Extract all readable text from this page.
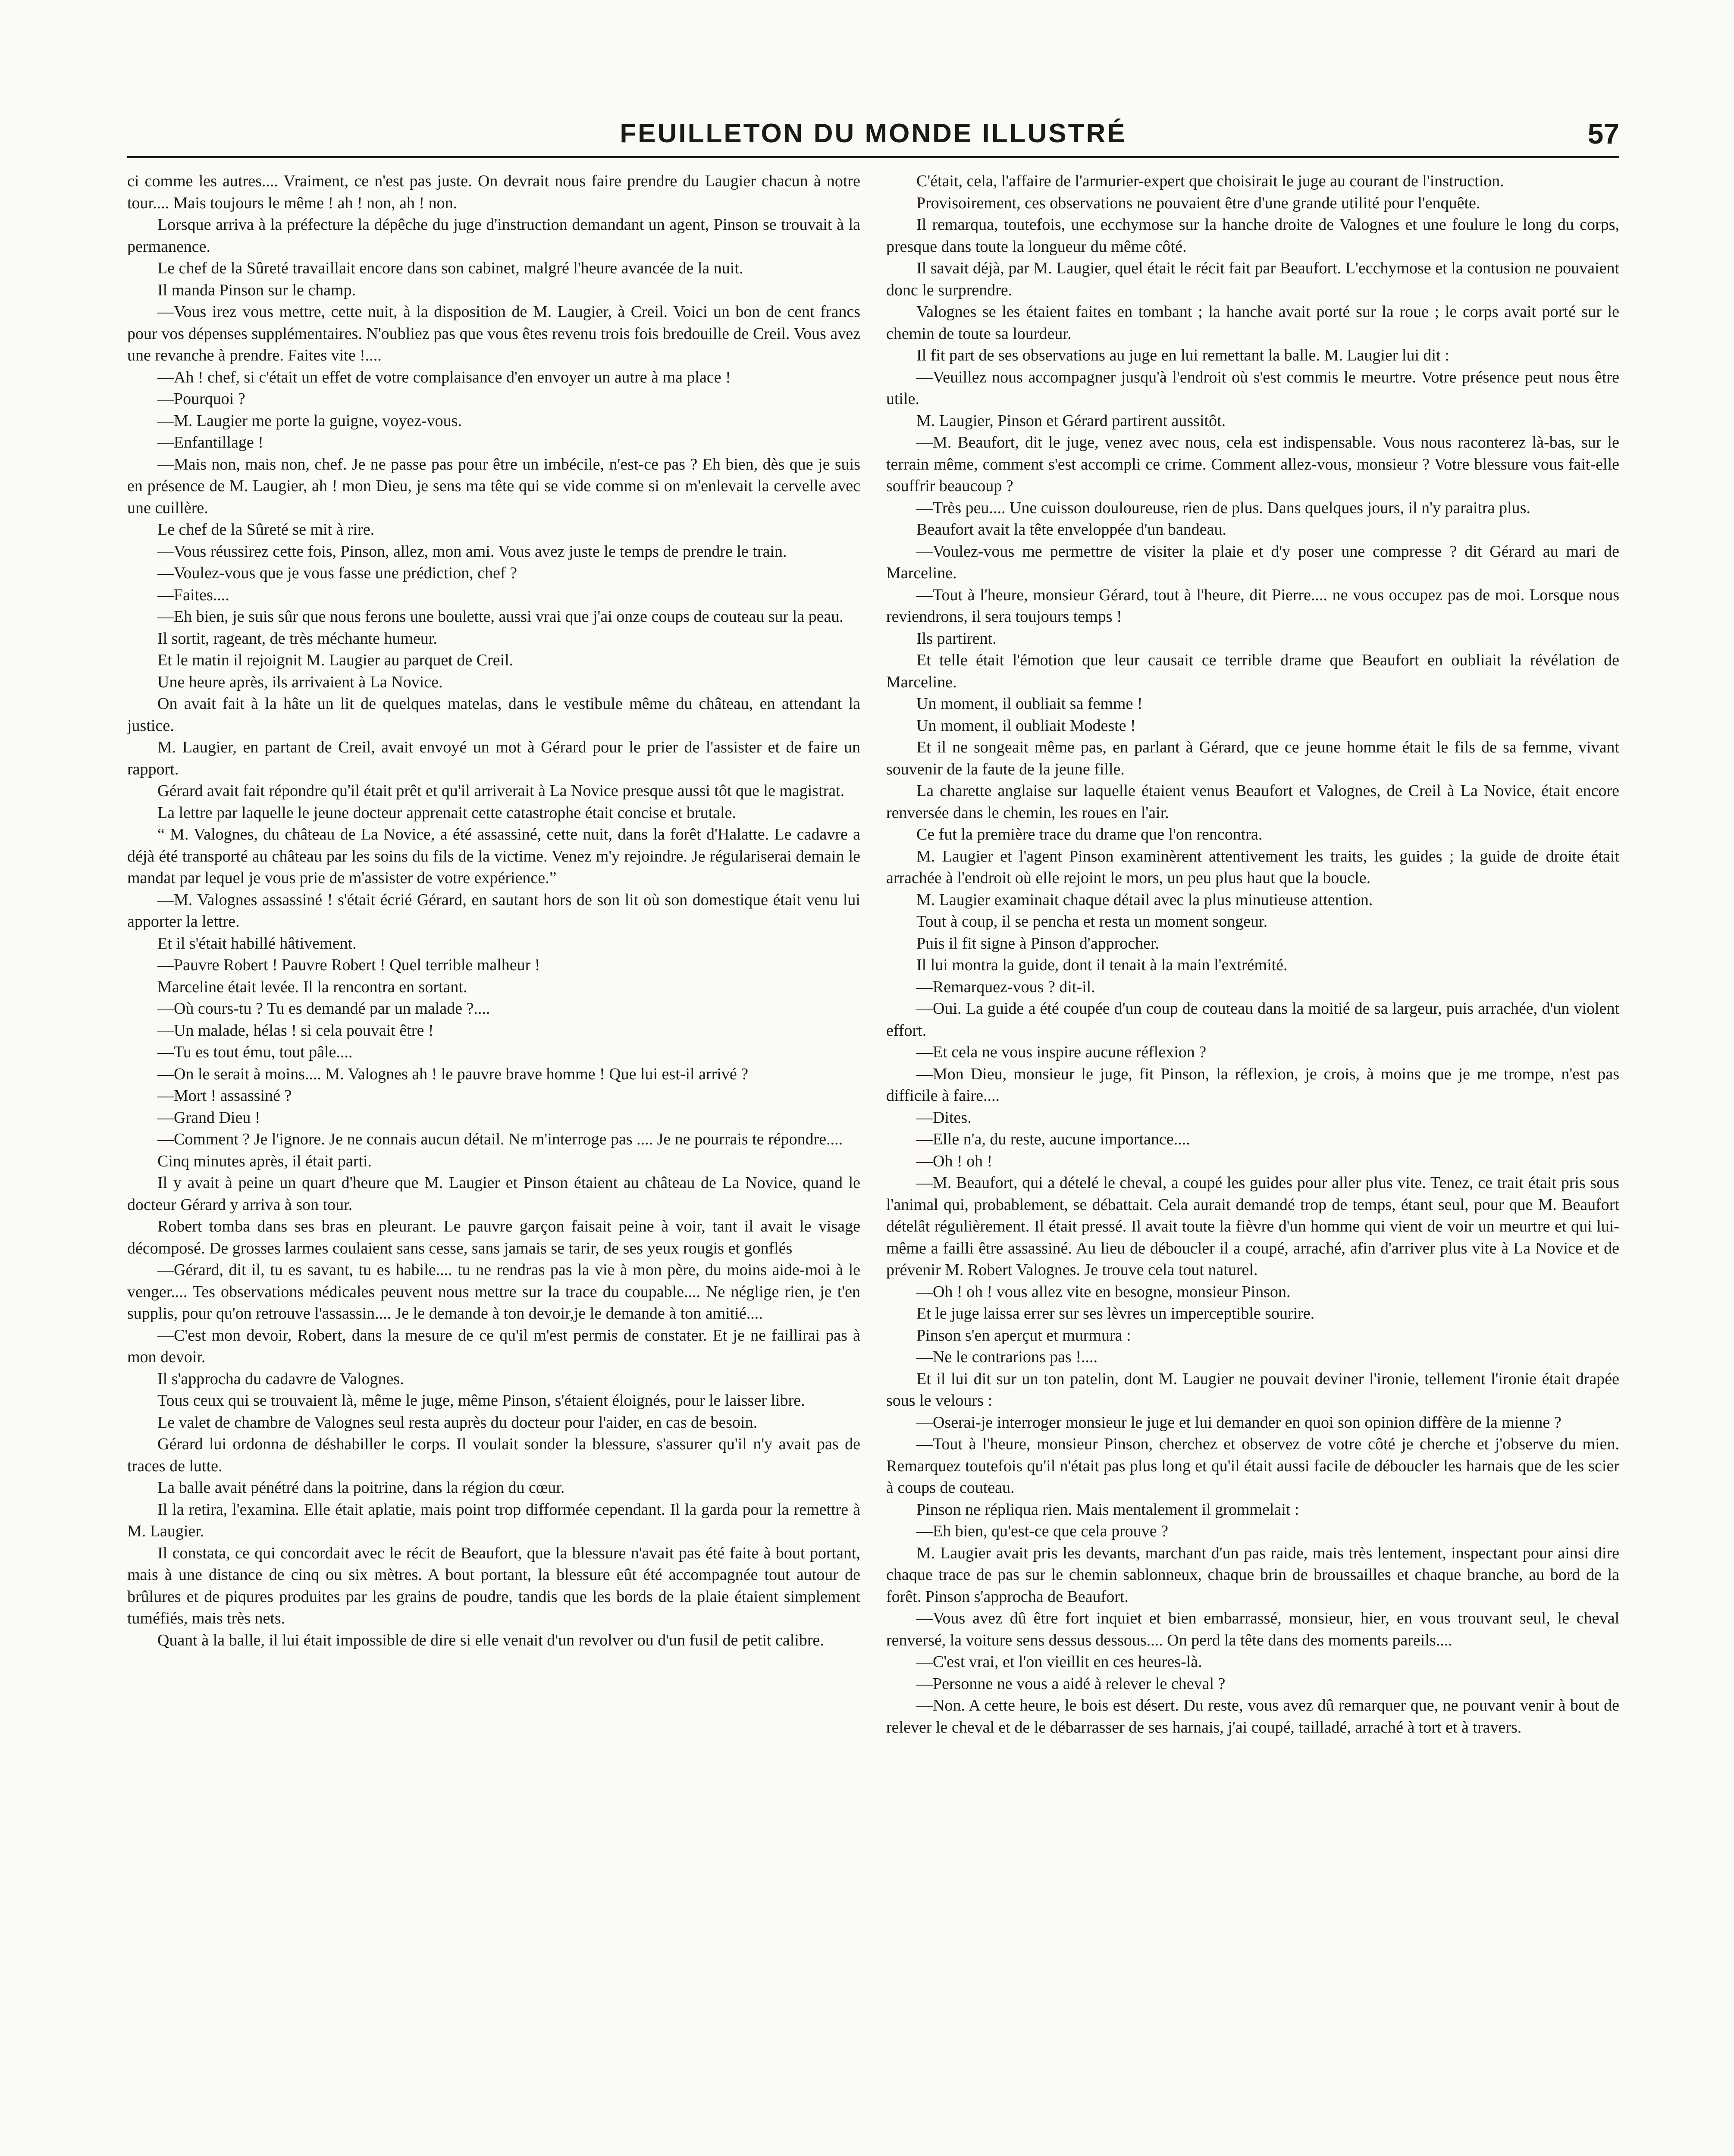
FEUILLETON DU MONDE ILLUSTRÉ	57

ci comme les autres.... Vraiment, ce n'est pas juste. On devrait nous faire prendre du Laugier chacun à notre tour.... Mais toujours le même ! ah ! non, ah ! non.

Lorsque arriva à la préfecture la dépêche du juge d'instruction demandant un agent, Pinson se trouvait à la permanence.

Le chef de la Sûreté travaillait encore dans son cabinet, malgré l'heure avancée de la nuit.

Il manda Pinson sur le champ.

—Vous irez vous mettre, cette nuit, à la disposition de M. Laugier, à Creil. Voici un bon de cent francs pour vos dépenses supplémentaires. N'oubliez pas que vous êtes revenu trois fois bredouille de Creil. Vous avez une revanche à prendre. Faites vite !....

—Ah ! chef, si c'était un effet de votre complaisance d'en envoyer un autre à ma place !

—Pourquoi ?

—M. Laugier me porte la guigne, voyez-vous.

—Enfantillage !

—Mais non, mais non, chef. Je ne passe pas pour être un imbécile, n'est-ce pas ? Eh bien, dès que je suis en présence de M. Laugier, ah ! mon Dieu, je sens ma tête qui se vide comme si on m'enlevait la cervelle avec une cuillère.

Le chef de la Sûreté se mit à rire.

—Vous réussirez cette fois, Pinson, allez, mon ami. Vous avez juste le temps de prendre le train.

—Voulez-vous que je vous fasse une prédiction, chef ?

—Faites....

—Eh bien, je suis sûr que nous ferons une boulette, aussi vrai que j'ai onze coups de couteau sur la peau.

Il sortit, rageant, de très méchante humeur.

Et le matin il rejoignit M. Laugier au parquet de Creil.

Une heure après, ils arrivaient à La Novice.

On avait fait à la hâte un lit de quelques matelas, dans le vestibule même du château, en attendant la justice.

M. Laugier, en partant de Creil, avait envoyé un mot à Gérard pour le prier de l'assister et de faire un rapport.

Gérard avait fait répondre qu'il était prêt et qu'il arriverait à La Novice presque aussi tôt que le magistrat.

La lettre par laquelle le jeune docteur apprenait cette catastrophe était concise et brutale.

“ M. Valognes, du château de La Novice, a été assassiné, cette nuit, dans la forêt d'Halatte. Le cadavre a déjà été transporté au château par les soins du fils de la victime. Venez m'y rejoindre. Je régulariserai demain le mandat par lequel je vous prie de m'assister de votre expérience.”

—M. Valognes assassiné ! s'était écrié Gérard, en sautant hors de son lit où son domestique était venu lui apporter la lettre.

Et il s'était habillé hâtivement.

—Pauvre Robert ! Pauvre Robert ! Quel terrible malheur !

Marceline était levée. Il la rencontra en sortant.

—Où cours-tu ? Tu es demandé par un malade ?....

—Un malade, hélas ! si cela pouvait être !

—Tu es tout ému, tout pâle....

—On le serait à moins.... M. Valognes ah ! le pauvre brave homme ! Que lui est-il arrivé ?

—Mort ! assassiné ?

—Grand Dieu !

—Comment ? Je l'ignore. Je ne connais aucun détail. Ne m'interroge pas .... Je ne pourrais te répondre....

Cinq minutes après, il était parti.

Il y avait à peine un quart d'heure que M. Laugier et Pinson étaient au château de La Novice, quand le docteur Gérard y arriva à son tour.

Robert tomba dans ses bras en pleurant. Le pauvre garçon faisait peine à voir, tant il avait le visage décomposé. De grosses larmes coulaient sans cesse, sans jamais se tarir, de ses yeux rougis et gonflés

—Gérard, dit il, tu es savant, tu es habile.... tu ne rendras pas la vie à mon père, du moins aide-moi à le venger.... Tes observations médicales peuvent nous mettre sur la trace du coupable.... Ne néglige rien, je t'en supplis, pour qu'on retrouve l'assassin.... Je le demande à ton devoir,je le demande à ton amitié....

—C'est mon devoir, Robert, dans la mesure de ce qu'il m'est permis de constater. Et je ne faillirai pas à mon devoir.

Il s'approcha du cadavre de Valognes.

Tous ceux qui se trouvaient là, même le juge, même Pinson, s'étaient éloignés, pour le laisser libre.

Le valet de chambre de Valognes seul resta auprès du docteur pour l'aider, en cas de besoin.

Gérard lui ordonna de déshabiller le corps. Il voulait sonder la blessure, s'assurer qu'il n'y avait pas de traces de lutte.

La balle avait pénétré dans la poitrine, dans la région du cœur.

Il la retira, l'examina. Elle était aplatie, mais point trop difformée cependant. Il la garda pour la remettre à M. Laugier.

Il constata, ce qui concordait avec le récit de Beaufort, que la blessure n'avait pas été faite à bout portant, mais à une distance de cinq ou six mètres. A bout portant, la blessure eût été accompagnée tout autour de brûlures et de piqures produites par les grains de poudre, tandis que les bords de la plaie étaient simplement tuméfiés, mais très nets.

Quant à la balle, il lui était impossible de dire si elle venait d'un revolver ou d'un fusil de petit calibre.

C'était, cela, l'affaire de l'armurier-expert que choisirait le juge au courant de l'instruction.

Provisoirement, ces observations ne pouvaient être d'une grande utilité pour l'enquête.

Il remarqua, toutefois, une ecchymose sur la hanche droite de Valognes et une foulure le long du corps, presque dans toute la longueur du même côté.

Il savait déjà, par M. Laugier, quel était le récit fait par Beaufort. L'ecchymose et la contusion ne pouvaient donc le surprendre.

Valognes se les étaient faites en tombant ; la hanche avait porté sur la roue ; le corps avait porté sur le chemin de toute sa lourdeur.

Il fit part de ses observations au juge en lui remettant la balle. M. Laugier lui dit :

—Veuillez nous accompagner jusqu'à l'endroit où s'est commis le meurtre. Votre présence peut nous être utile.

M. Laugier, Pinson et Gérard partirent aussitôt.

—M. Beaufort, dit le juge, venez avec nous, cela est indispensable. Vous nous raconterez là-bas, sur le terrain même, comment s'est accompli ce crime. Comment allez-vous, monsieur ? Votre blessure vous fait-elle souffrir beaucoup ?

—Très peu.... Une cuisson douloureuse, rien de plus. Dans quelques jours, il n'y paraitra plus.

Beaufort avait la tête enveloppée d'un bandeau.

—Voulez-vous me permettre de visiter la plaie et d'y poser une compresse ? dit Gérard au mari de Marceline.

—Tout à l'heure, monsieur Gérard, tout à l'heure, dit Pierre.... ne vous occupez pas de moi. Lorsque nous reviendrons, il sera toujours temps !

Ils partirent.

Et telle était l'émotion que leur causait ce terrible drame que Beaufort en oubliait la révélation de Marceline.

Un moment, il oubliait sa femme !

Un moment, il oubliait Modeste !

Et il ne songeait même pas, en parlant à Gérard, que ce jeune homme était le fils de sa femme, vivant souvenir de la faute de la jeune fille.

La charette anglaise sur laquelle étaient venus Beaufort et Valognes, de Creil à La Novice, était encore renversée dans le chemin, les roues en l'air.

Ce fut la première trace du drame que l'on rencontra.

M. Laugier et l'agent Pinson examinèrent attentivement les traits, les guides ; la guide de droite était arrachée à l'endroit où elle rejoint le mors, un peu plus haut que la boucle.

M. Laugier examinait chaque détail avec la plus minutieuse attention.

Tout à coup, il se pencha et resta un moment songeur.

Puis il fit signe à Pinson d'approcher.

Il lui montra la guide, dont il tenait à la main l'extrémité.

—Remarquez-vous ? dit-il.

—Oui. La guide a été coupée d'un coup de couteau dans la moitié de sa largeur, puis arrachée, d'un violent effort.

—Et cela ne vous inspire aucune réflexion ?

—Mon Dieu, monsieur le juge, fit Pinson, la réflexion, je crois, à moins que je me trompe, n'est pas difficile à faire....

—Dites.

—Elle n'a, du reste, aucune importance....

—Oh ! oh !

—M. Beaufort, qui a dételé le cheval, a coupé les guides pour aller plus vite. Tenez, ce trait était pris sous l'animal qui, probablement, se débattait. Cela aurait demandé trop de temps, étant seul, pour que M. Beaufort dételât régulièrement. Il était pressé. Il avait toute la fièvre d'un homme qui vient de voir un meurtre et qui lui-même a failli être assassiné. Au lieu de déboucler il a coupé, arraché, afin d'arriver plus vite à La Novice et de prévenir M. Robert Valognes. Je trouve cela tout naturel.

—Oh ! oh ! vous allez vite en besogne, monsieur Pinson.

Et le juge laissa errer sur ses lèvres un imperceptible sourire.

Pinson s'en aperçut et murmura :

—Ne le contrarions pas !....

Et il lui dit sur un ton patelin, dont M. Laugier ne pouvait deviner l'ironie, tellement l'ironie était drapée sous le velours :

—Oserai-je interroger monsieur le juge et lui demander en quoi son opinion diffère de la mienne ?

—Tout à l'heure, monsieur Pinson, cherchez et observez de votre côté je cherche et j'observe du mien. Remarquez toutefois qu'il n'était pas plus long et qu'il était aussi facile de déboucler les harnais que de les scier à coups de couteau.

Pinson ne répliqua rien. Mais mentalement il grommelait :

—Eh bien, qu'est-ce que cela prouve ?

M. Laugier avait pris les devants, marchant d'un pas raide, mais très lentement, inspectant pour ainsi dire chaque trace de pas sur le chemin sablonneux, chaque brin de broussailles et chaque branche, au bord de la forêt. Pinson s'approcha de Beaufort.

—Vous avez dû être fort inquiet et bien embarrassé, monsieur, hier, en vous trouvant seul, le cheval renversé, la voiture sens dessus dessous.... On perd la tête dans des moments pareils....

—C'est vrai, et l'on vieillit en ces heures-là.

—Personne ne vous a aidé à relever le cheval ?

—Non. A cette heure, le bois est désert. Du reste, vous avez dû remarquer que, ne pouvant venir à bout de relever le cheval et de le débarrasser de ses harnais, j'ai coupé, tailladé, arraché à tort et à travers.
